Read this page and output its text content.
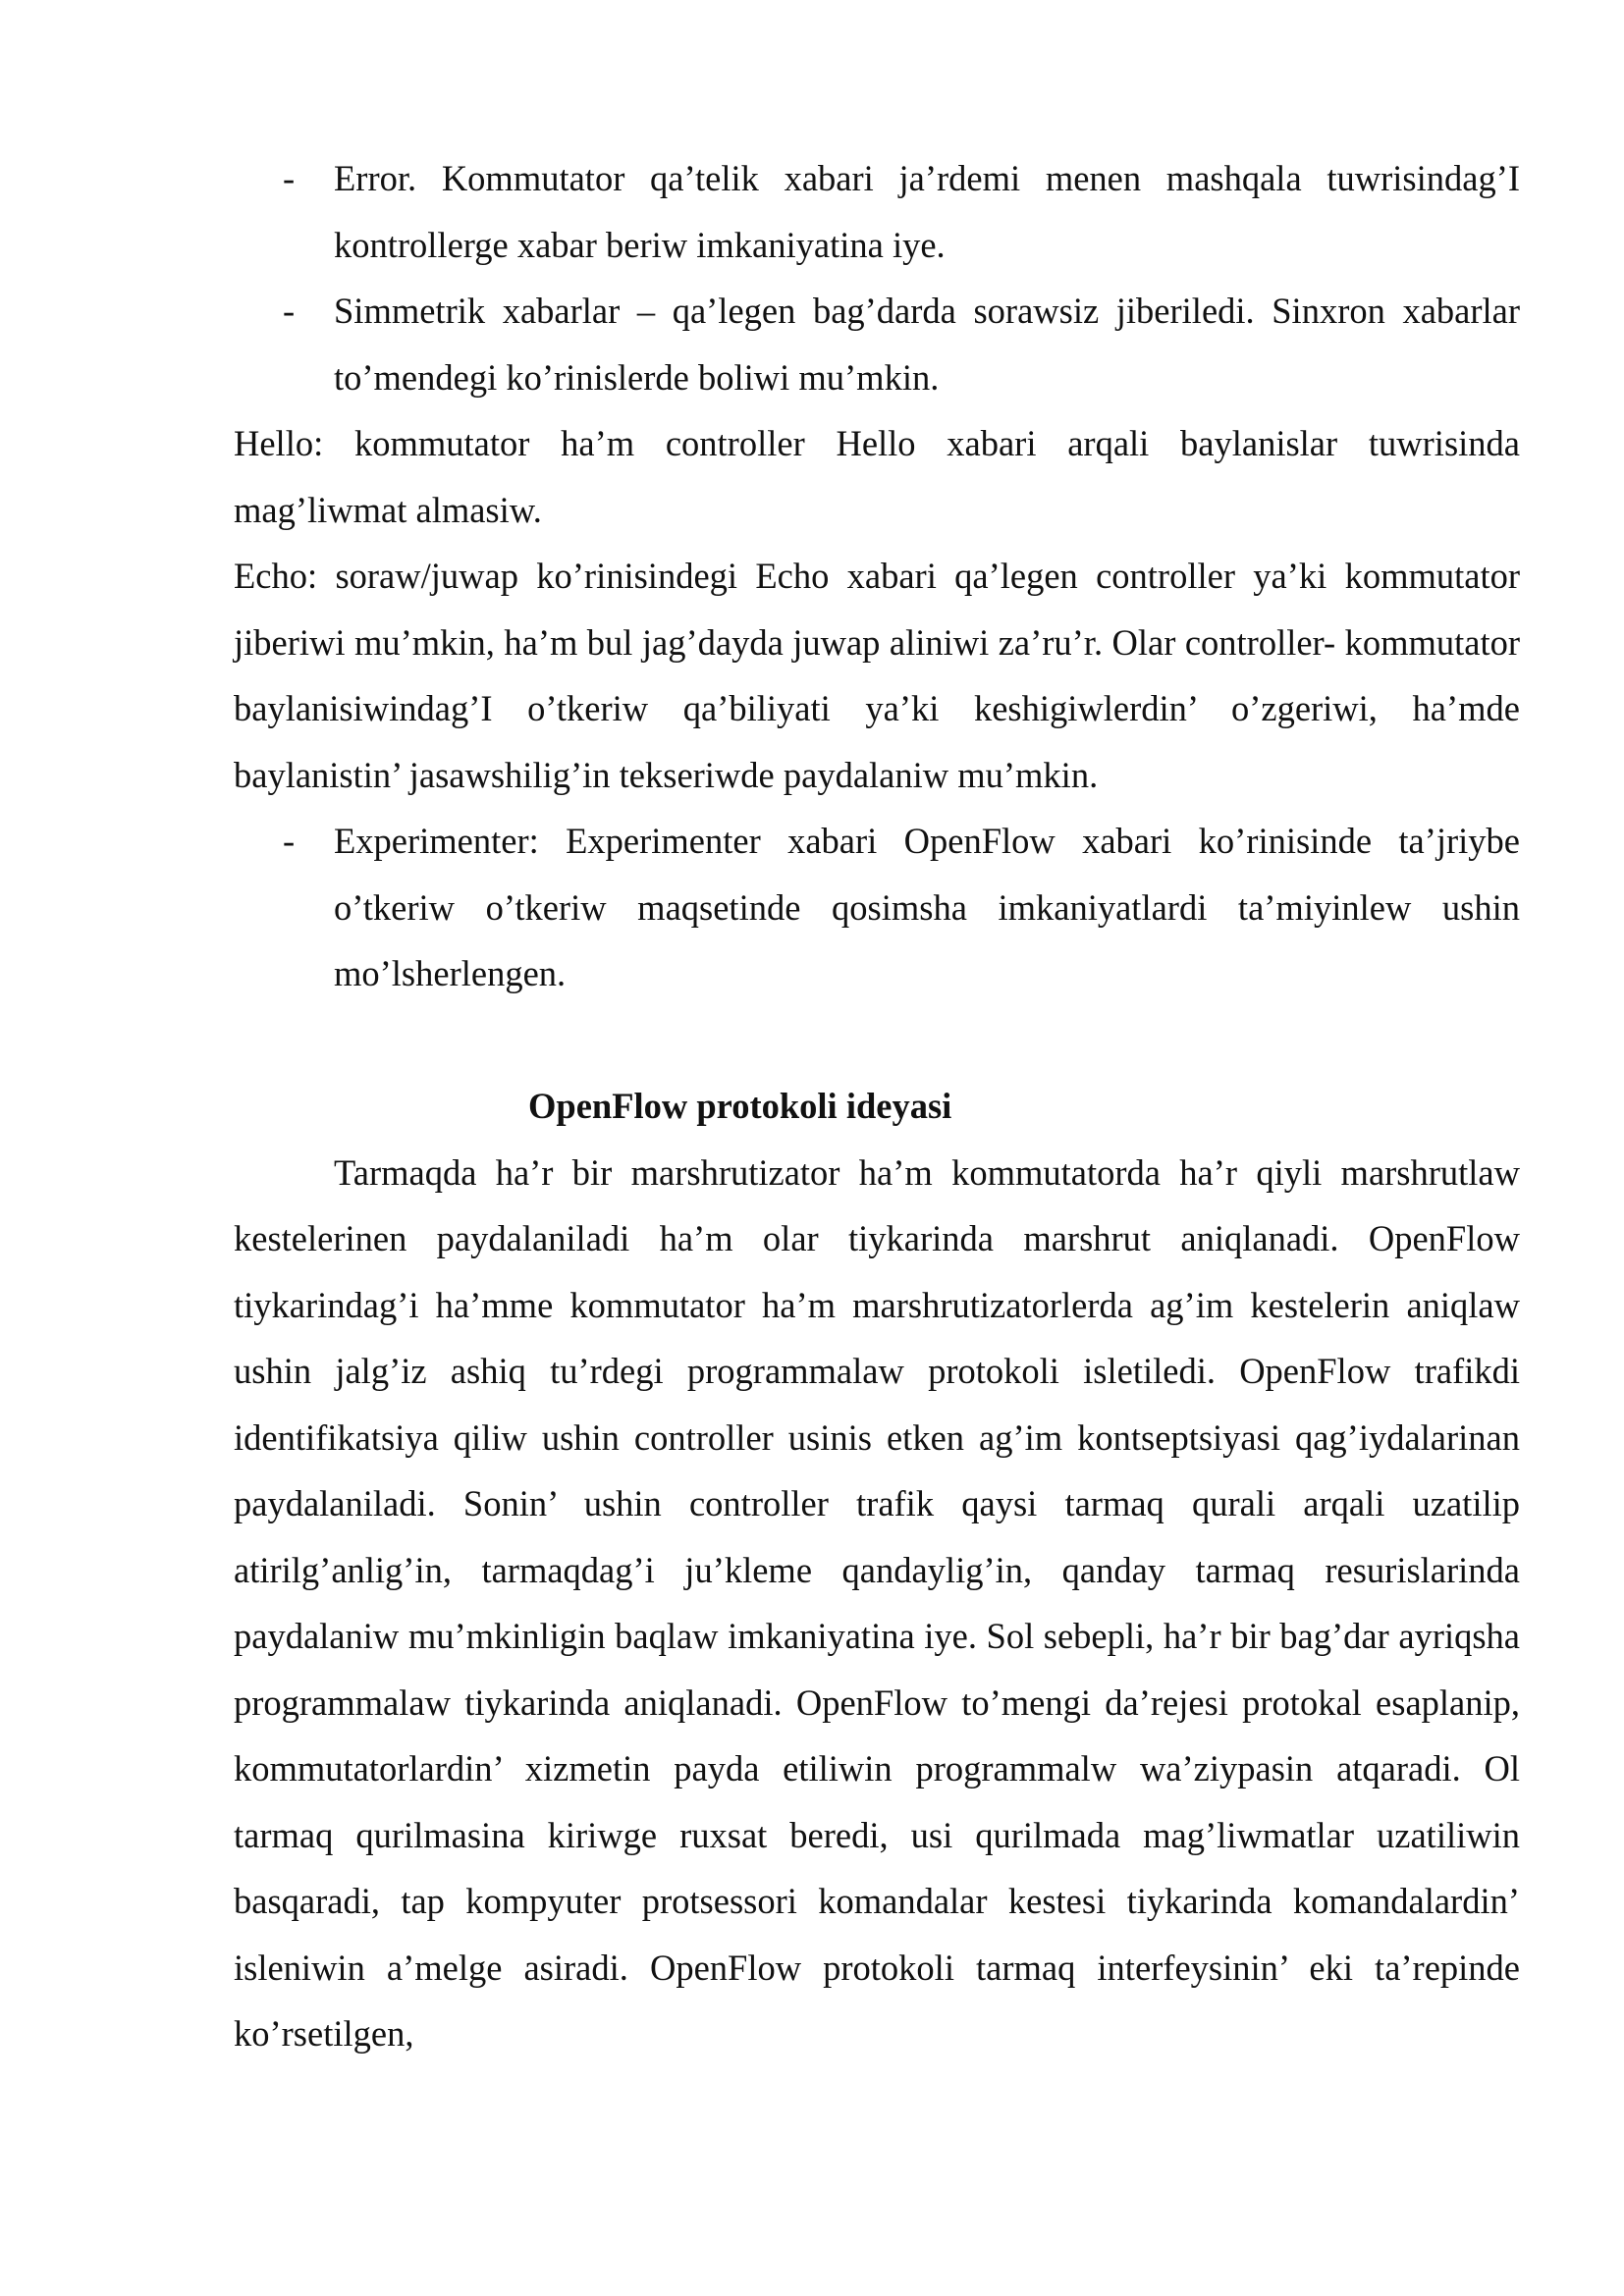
- Error. Kommutator qa’telik xabari ja’rdemi menen mashqala tuwrisindag’I kontrollerge xabar beriw imkaniyatina iye.

- Simmetrik xabarlar – qa’legen bag’darda sorawsiz jiberiledi. Sinxron xabarlar to’mendegi ko’rinislerde boliwi mu’mkin.

Hello: kommutator ha’m controller Hello xabari arqali baylanislar tuwrisinda mag’liwmat almasiw.

Echo: soraw/juwap ko’rinisindegi Echo xabari qa’legen controller ya’ki kommutator jiberiwi mu’mkin, ha’m bul jag’dayda juwap aliniwi za’ru’r. Olar controller- kommutator baylanisiwindag’I o’tkeriw qa’biliyati ya’ki keshigiwlerdin’ o’zgeriwi, ha’mde baylanistin’ jasawshilig’in tekseriwde paydalaniw mu’mkin.

- Experimenter: Experimenter xabari OpenFlow xabari ko’rinisinde ta’jriybe o’tkeriw o’tkeriw maqsetinde qosimsha imkaniyatlardi ta’miyinlew ushin mo’lsherlengen.

OpenFlow protokoli ideyasi

Tarmaqda ha’r bir marshrutizator ha’m kommutatorda ha’r qiyli marshrutlaw kestelerinen paydalaniladi ha’m olar tiykarinda marshrut aniqlanadi. OpenFlow tiykarindag’i ha’mme kommutator ha’m marshrutizatorlerda ag’im kestelerin aniqlaw ushin jalg’iz ashiq tu’rdegi programmalaw protokoli isletiledi. OpenFlow trafikdi identifikatsiya qiliw ushin controller usinis etken ag’im kontseptsiyasi qag’iydalarinan paydalaniladi. Sonin’ ushin controller trafik qaysi tarmaq qurali arqali uzatilip atirilg’anlig’in, tarmaqdag’i ju’kleme qandaylig’in, qanday tarmaq resurislarinda paydalaniw mu’mkinligin baqlaw imkaniyatina iye. Sol sebepli, ha’r bir bag’dar ayriqsha programmalaw tiykarinda aniqlanadi. OpenFlow to’mengi da’rejesi protokal esaplanip, kommutatorlardin’ xizmetin payda etiliwin programmalw wa’ziypasin atqaradi. Ol tarmaq qurilmasina kiriwge ruxsat beredi, usi qurilmada mag’liwmatlar uzatiliwin basqaradi, tap kompyuter protsessori komandalar kestesi tiykarinda komandalardin’ isleniwin a’melge asiradi. OpenFlow protokoli tarmaq interfeysinin’ eki ta’repinde ko’rsetilgen,
